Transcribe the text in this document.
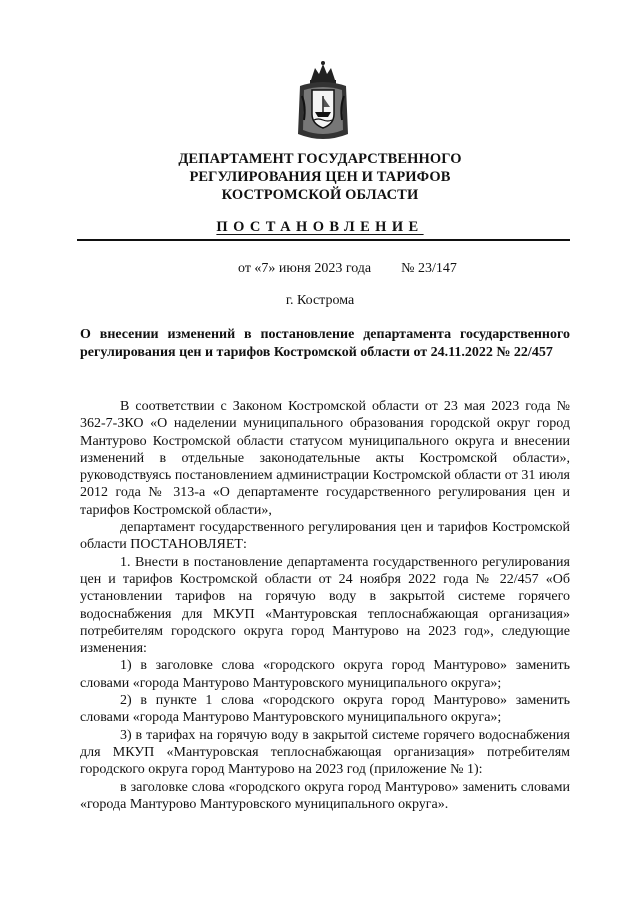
ДЕПАРТАМЕНТ ГОСУДАРСТВЕННОГО
РЕГУЛИРОВАНИЯ ЦЕН И ТАРИФОВ
КОСТРОМСКОЙ ОБЛАСТИ
ПОСТАНОВЛЕНИЕ
от «7» июня 2023 года № 23/147
г. Кострома
О внесении изменений в постановление департамента государственного регулирования цен и тарифов Костромской области от 24.11.2022 № 22/457

В соответствии с Законом Костромской области от 23 мая 2023 года № 362-7-ЗКО «О наделении муниципального образования городской округ город Мантурово Костромской области статусом муниципального округа и внесении изменений в отдельные законодательные акты Костромской области», руководствуясь постановлением администрации Костромской области от 31 июля 2012 года № 313-а «О департаменте государственного регулирования цен и тарифов Костромской области»,

департамент государственного регулирования цен и тарифов Костромской области ПОСТАНОВЛЯЕТ:

1. Внести в постановление департамента государственного регулирования цен и тарифов Костромской области от 24 ноября 2022 года № 22/457 «Об установлении тарифов на горячую воду в закрытой системе горячего водоснабжения для МКУП «Мантуровская теплоснабжающая организация» потребителям городского округа город Мантурово на 2023 год», следующие изменения:

1) в заголовке слова «городского округа город Мантурово» заменить словами «города Мантурово Мантуровского муниципального округа»;

2) в пункте 1 слова «городского округа город Мантурово» заменить словами «города Мантурово Мантуровского муниципального округа»;

3) в тарифах на горячую воду в закрытой системе горячего водоснабжения для МКУП «Мантуровская теплоснабжающая организация» потребителям городского округа город Мантурово на 2023 год (приложение № 1):

в заголовке слова «городского округа город Мантурово» заменить словами «города Мантурово Мантуровского муниципального округа».
